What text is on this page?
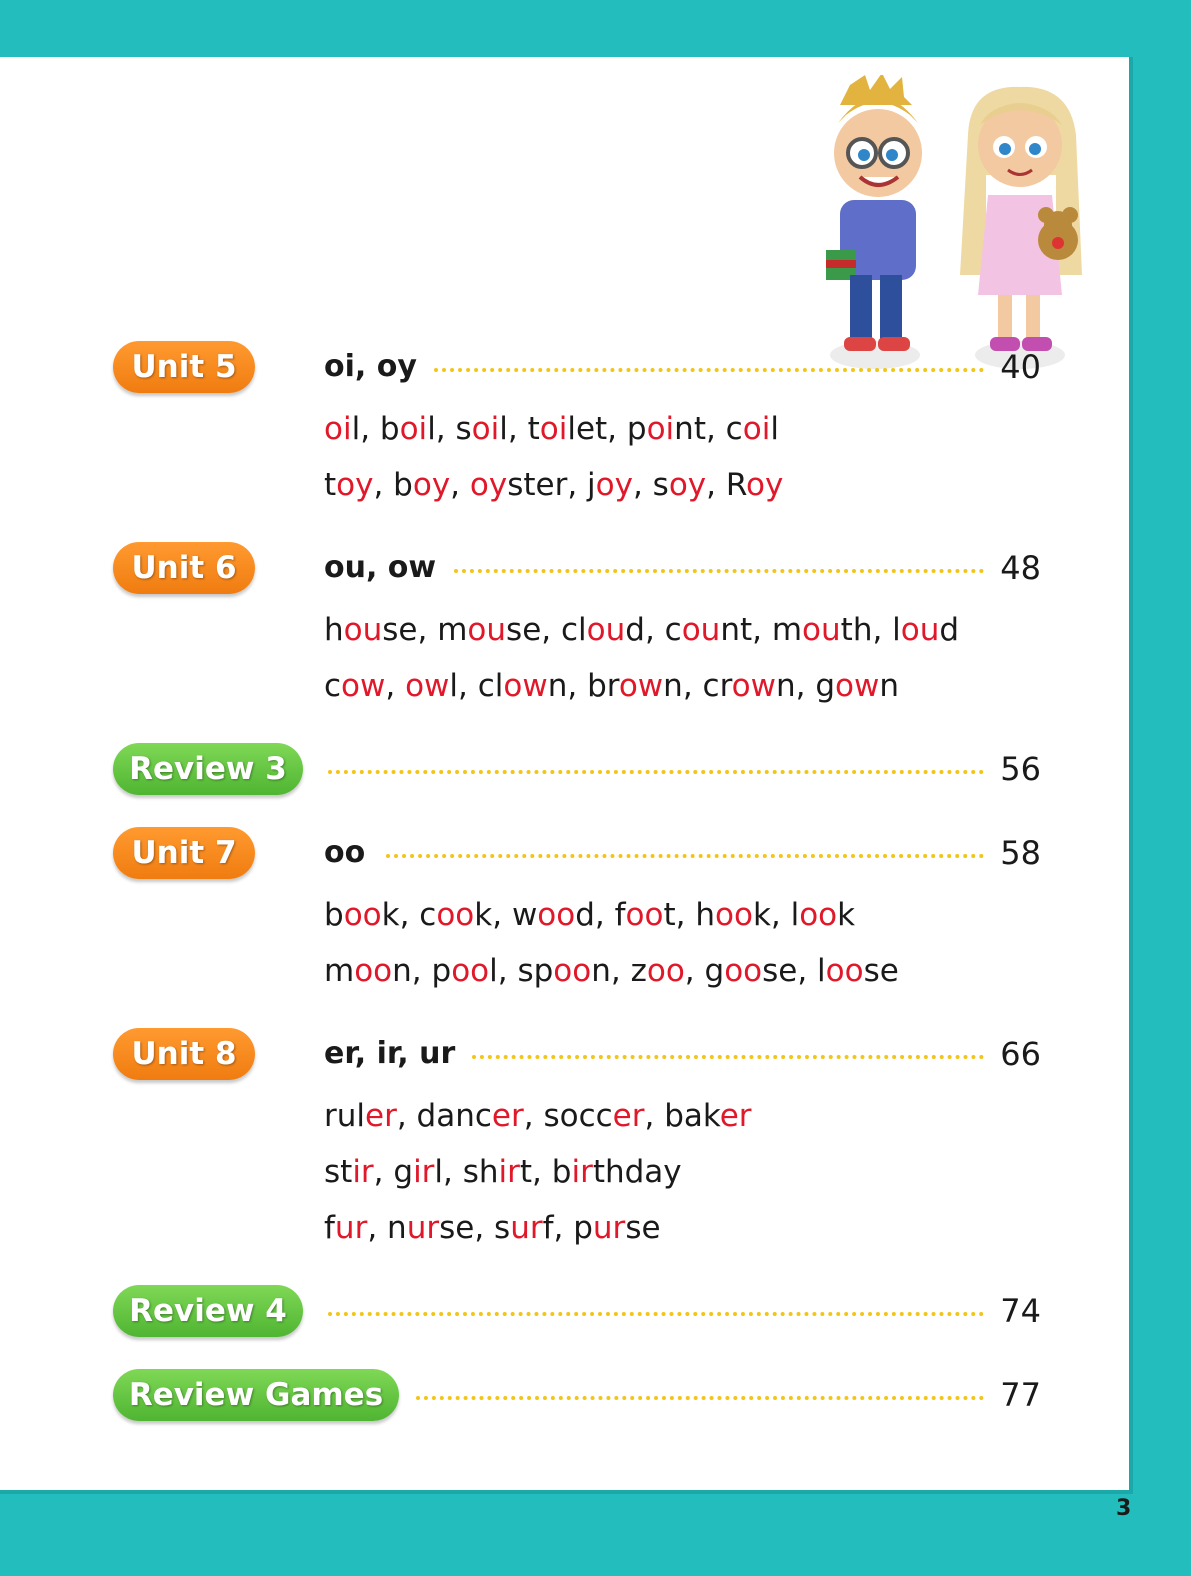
Unit 5	oi, oy	40
oil, boil, soil, toilet, point, coil
toy, boy, oyster, joy, soy, Roy
Unit 6	ou, ow	48
house, mouse, cloud, count, mouth, loud
cow, owl, clown, brown, crown, gown
Review 3	56
Unit 7	oo	58
book, cook, wood, foot, hook, look
moon, pool, spoon, zoo, goose, loose
Unit 8	er, ir, ur	66
ruler, dancer, soccer, baker
stir, girl, shirt, birthday
fur, nurse, surf, purse
Review 4	74
Review Games	77
3
